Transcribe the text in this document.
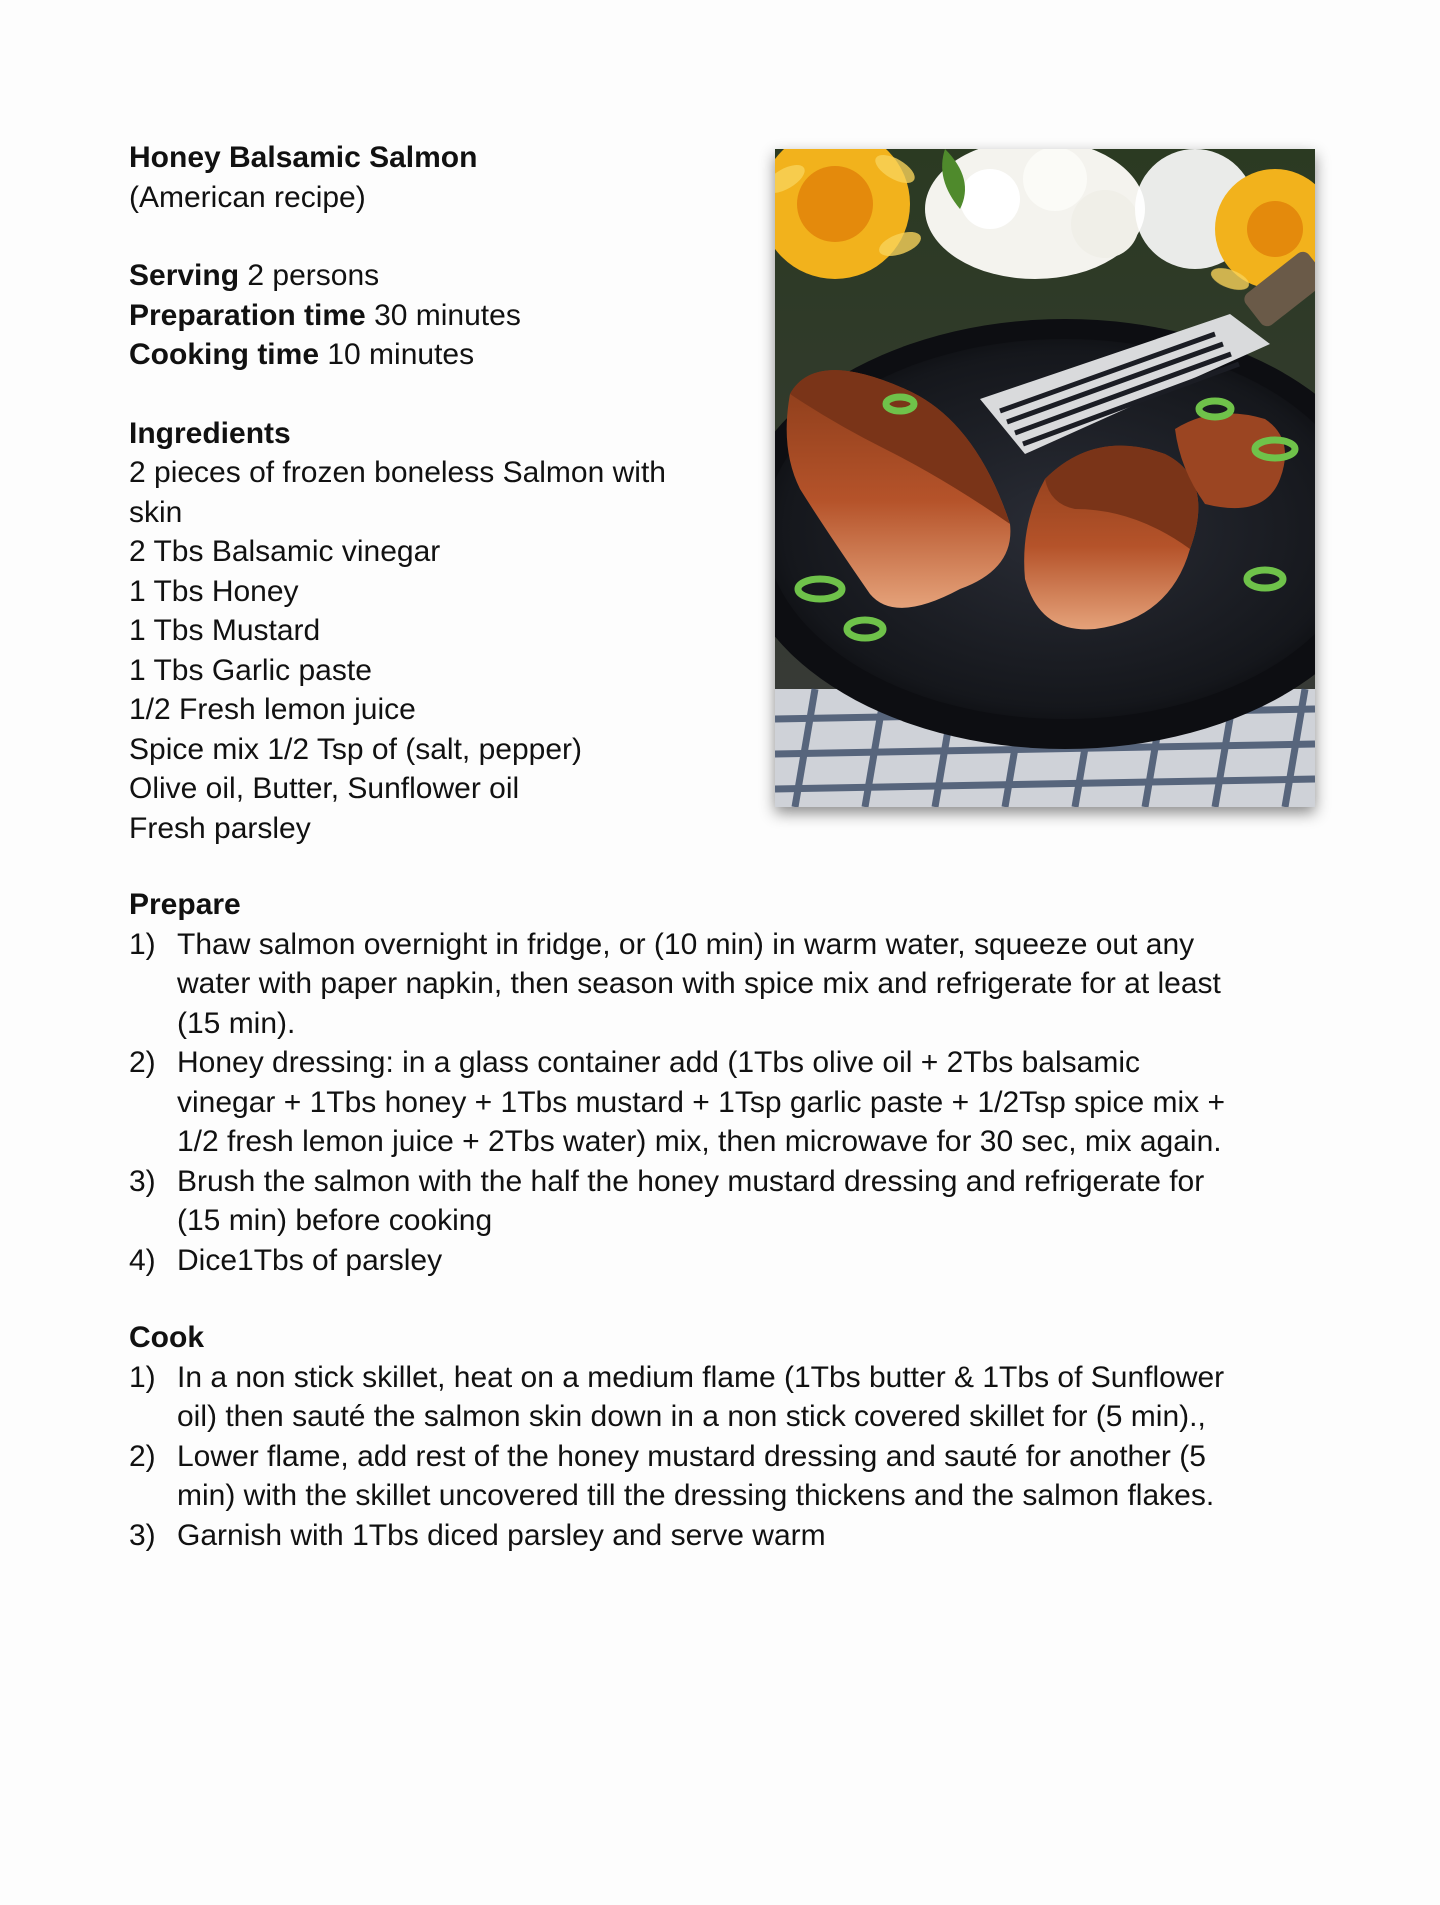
Honey Balsamic Salmon

(American recipe)

Serving 2 persons

Preparation time 30 minutes

Cooking time 10 minutes

Ingredients

2 pieces of frozen boneless Salmon with

skin

2 Tbs Balsamic vinegar

1 Tbs Honey

1 Tbs Mustard

1 Tbs Garlic paste

1/2 Fresh lemon juice

Spice mix 1/2 Tsp of (salt, pepper)

Olive oil, Butter, Sunflower oil

Fresh parsley

Prepare

1) Thaw salmon overnight in fridge, or (10 min) in warm water, squeeze out any
water with paper napkin, then season with spice mix and refrigerate for at least
(15 min).
2) Honey dressing: in a glass container add (1Tbs olive oil + 2Tbs balsamic
vinegar + 1Tbs honey + 1Tbs mustard + 1Tsp garlic paste + 1/2Tsp spice mix +
1/2 fresh lemon juice + 2Tbs water) mix, then microwave for 30 sec, mix again.
3) Brush the salmon with the half the honey mustard dressing and refrigerate for
(15 min) before cooking
4) Dice1Tbs of parsley

Cook

1) In a non stick skillet, heat on a medium flame (1Tbs butter & 1Tbs of Sunflower
oil) then sauté the salmon skin down in a non stick covered skillet for (5 min).,
2) Lower flame, add rest of the honey mustard dressing and sauté for another (5
min) with the skillet uncovered till the dressing thickens and the salmon flakes.
3) Garnish with 1Tbs diced parsley and serve warm
